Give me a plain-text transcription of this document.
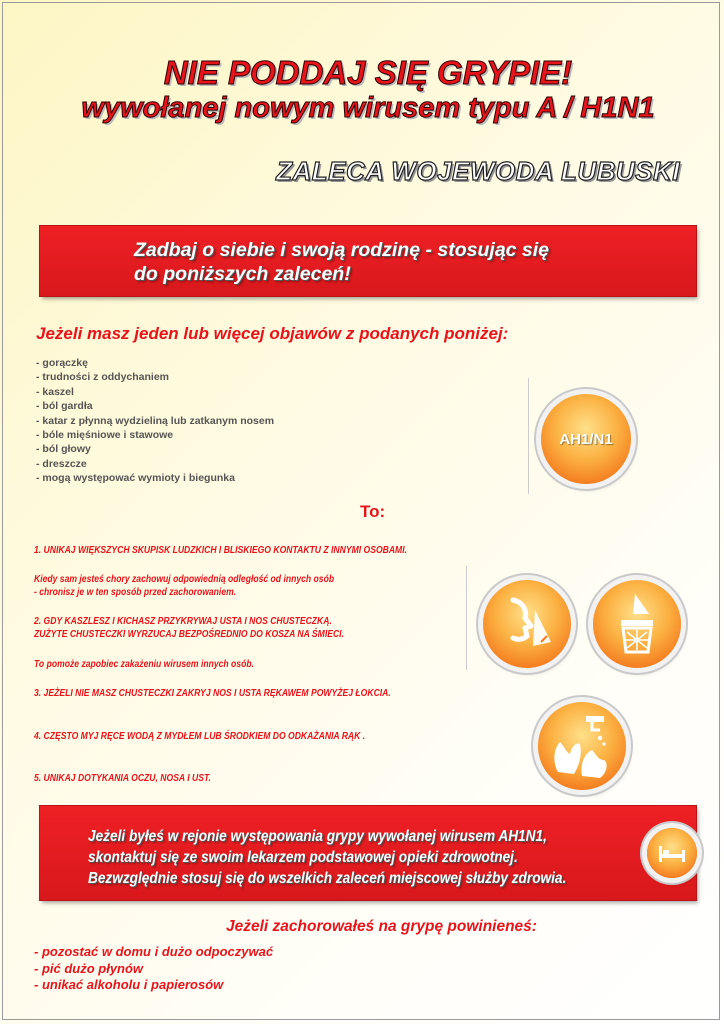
NIE PODDAJ SIĘ GRYPIE!
wywołanej nowym wirusem typu A / H1N1
ZALECA WOJEWODA LUBUSKI
Zadbaj o siebie i swoją rodzinę - stosując się
do poniższych zaleceń!

Jeżeli masz jeden lub więcej objawów z podanych poniżej:

- gorączkę
- trudności z oddychaniem
- kaszel
- ból gardła
- katar z płynną wydzieliną lub zatkanym nosem
- bóle mięśniowe i stawowe
- ból głowy
- dreszcze
- mogą występować wymioty i biegunka
AH1/N1

To:

1. UNIKAJ WIĘKSZYCH SKUPISK LUDZKICH I BLISKIEGO KONTAKTU Z INNYMI OSOBAMI.

Kiedy sam jesteś chory zachowuj odpowiednią odległość od innych osób

- chronisz je w ten sposób przed zachorowaniem.

2. GDY KASZLESZ I KICHASZ PRZYKRYWAJ USTA I NOS CHUSTECZKĄ.

ZUŻYTE CHUSTECZKI WYRZUCAJ BEZPOŚREDNIO DO KOSZA NA ŚMIECI.

To pomoże zapobiec zakażeniu wirusem innych osób.

3. JEŻELI NIE MASZ CHUSTECZKI ZAKRYJ NOS I USTA RĘKAWEM POWYŻEJ ŁOKCIA.

4. CZĘSTO MYJ RĘCE WODĄ Z MYDŁEM LUB ŚRODKIEM DO ODKAŻANIA RĄK .

5. UNIKAJ DOTYKANIA OCZU, NOSA I UST.

Jeżeli byłeś w rejonie występowania grypy wywołanej wirusem AH1N1,

skontaktuj się ze swoim lekarzem podstawowej opieki zdrowotnej.

Bezwzględnie stosuj się do wszelkich zaleceń miejscowej służby zdrowia.

Jeżeli zachorowałeś na grypę powinieneś:

- pozostać w domu i dużo odpoczywać
- pić dużo płynów
- unikać alkoholu i papierosów
